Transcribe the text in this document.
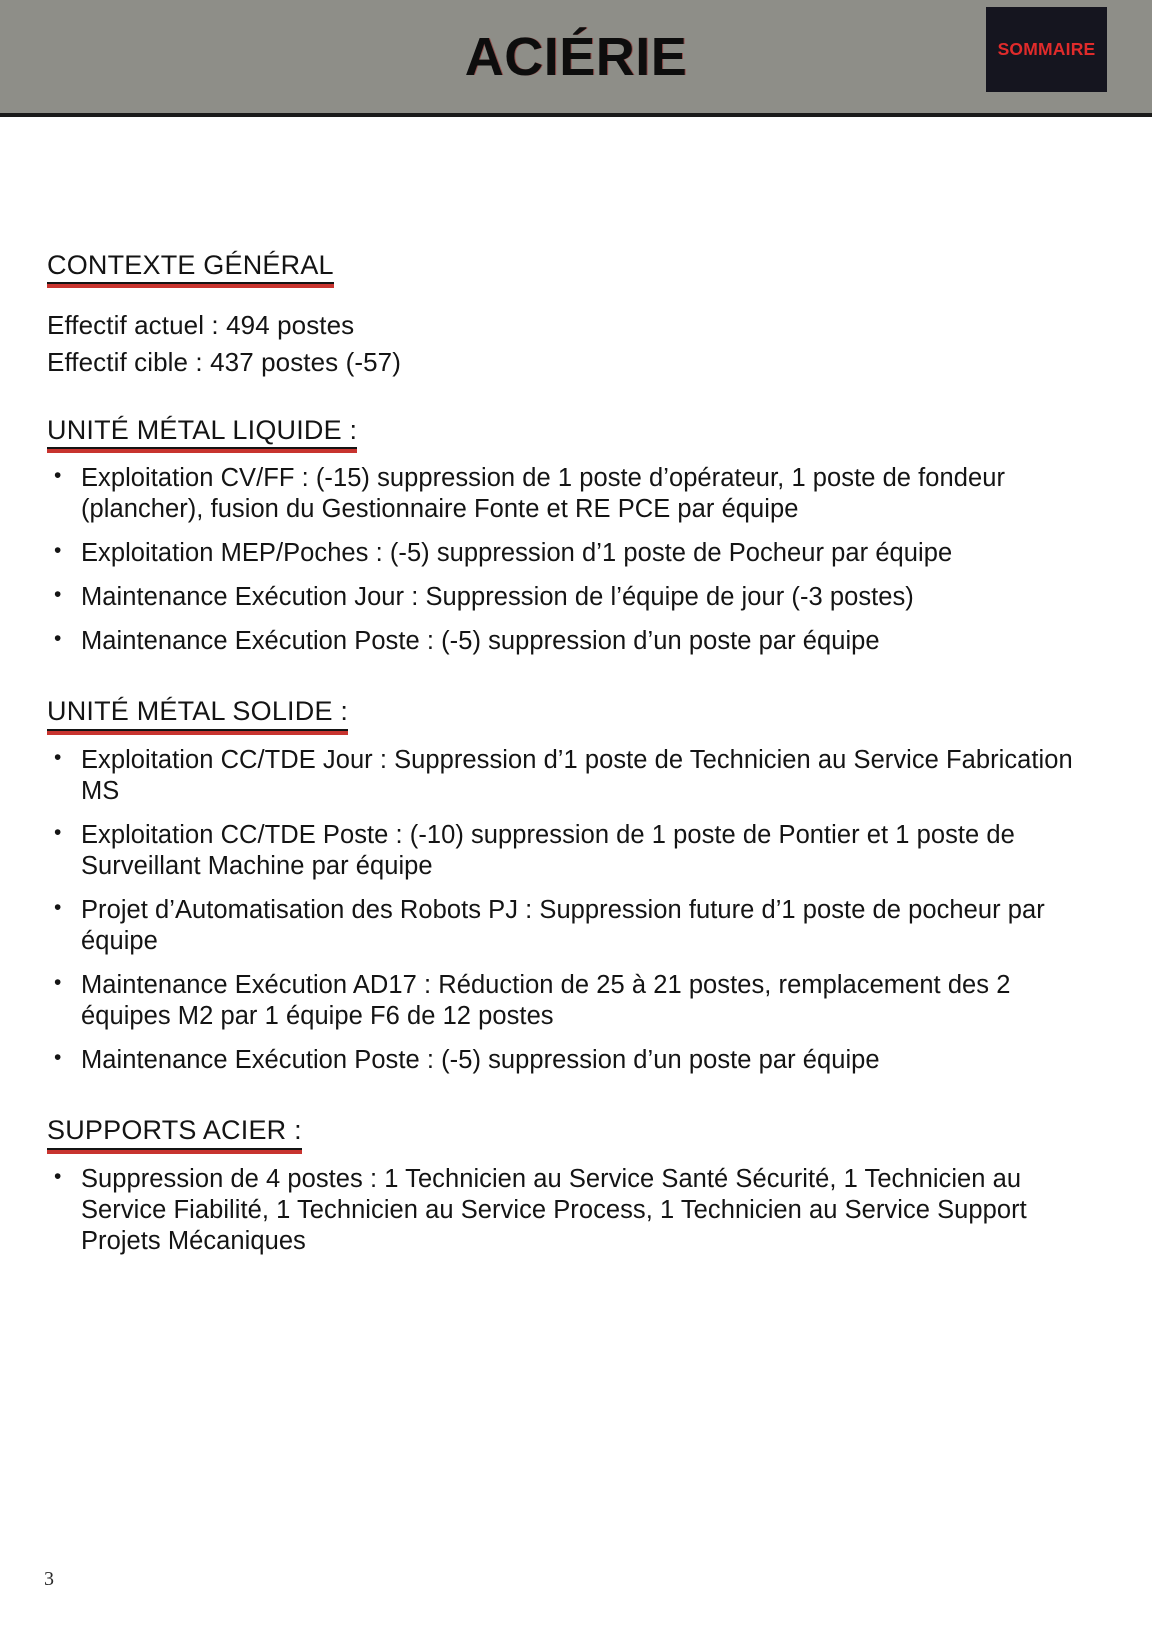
ACIÉRIE	SOMMAIRE
CONTEXTE GÉNÉRAL
Effectif actuel : 494 postes
Effectif cible : 437 postes (-57)
UNITÉ MÉTAL LIQUIDE :
• Exploitation CV/FF : (-15) suppression de 1 poste d’opérateur, 1 poste de fondeur (plancher), fusion du Gestionnaire Fonte et RE PCE par équipe
• Exploitation MEP/Poches : (-5) suppression d’1 poste de Pocheur par équipe
• Maintenance Exécution Jour : Suppression de l’équipe de jour (-3 postes)
• Maintenance Exécution Poste : (-5) suppression d’un poste par équipe
UNITÉ MÉTAL SOLIDE :
• Exploitation CC/TDE Jour : Suppression d’1 poste de Technicien au Service Fabrication MS
• Exploitation CC/TDE Poste : (-10) suppression de 1 poste de Pontier et 1 poste de Surveillant Machine par équipe
• Projet d’Automatisation des Robots PJ : Suppression future d’1 poste de pocheur par équipe
• Maintenance Exécution AD17 : Réduction de 25 à 21 postes, remplacement des 2 équipes M2 par 1 équipe F6 de 12 postes
• Maintenance Exécution Poste : (-5) suppression d’un poste par équipe
SUPPORTS ACIER :
• Suppression de 4 postes : 1 Technicien au Service Santé Sécurité, 1 Technicien au Service Fiabilité, 1 Technicien au Service Process, 1 Technicien au Service Support Projets Mécaniques
3
